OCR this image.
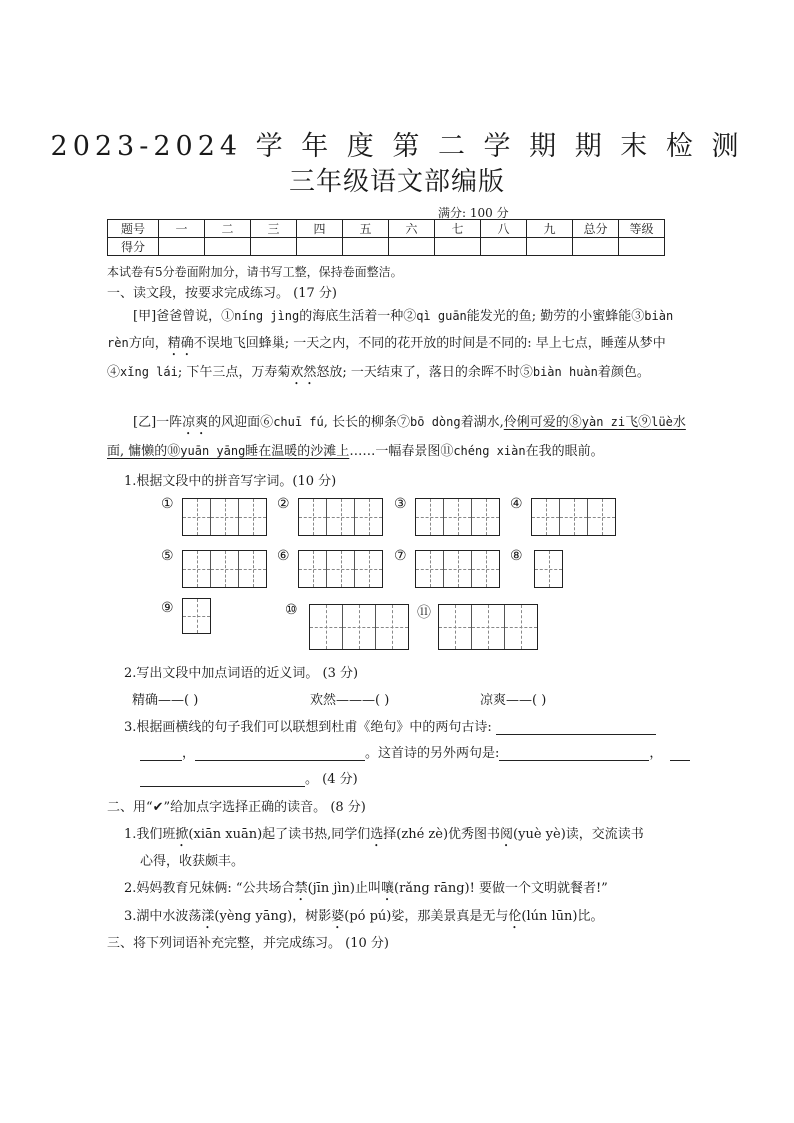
2023-2024 学 年 度 第 二 学 期 期 末 检 测
三年级语文部编版
满分: 100 分
题号	一	二	三	四	五	六	七	八	九	总分	等级
得分											
本试卷有5分卷面附加分，请书写工整，保持卷面整洁。
一、读文段，按要求完成练习。 (17 分)
[甲]爸爸曾说，①níng jìng的海底生活着一种②qì guān能发光的鱼; 勤劳的小蜜蜂能③biàn rèn方向，精确不误地飞回蜂巢; 一天之内，不同的花开放的时间是不同的: 早上七点，睡莲从梦中④xǐng lái; 下午三点，万寿菊欢然怒放; 一天结束了，落日的余晖不时⑤biàn huàn着颜色。
[乙]一阵凉爽的风迎面⑥chuī fú, 长长的柳条⑦bō dòng着湖水,伶俐可爱的⑧yàn zi飞⑨lüè水面, 慵懒的⑩yuān yāng睡在温暖的沙滩上……一幅春景图⑪chéng xiàn在我的眼前。
1.根据文段中的拼音写字词。(10 分)
①	②	③	④
⑤	⑥	⑦	⑧
⑨	⑩	⑪
2.写出文段中加点词语的近义词。 (3 分)
精确——( )	欢然———( )	凉爽——( )
3.根据画横线的句子我们可以联想到杜甫《绝句》中的两句古诗:
，	。这首诗的另外两句是:	，
。 (4 分)
二、用“✔”给加点字选择正确的读音。 (8 分)
1.我们班掀(xiān xuān)起了读书热,同学们选择(zhé zè)优秀图书阅(yuè yè)读，交流读书
心得，收获颇丰。
2.妈妈教育兄妹俩: “公共场合禁(jīn jìn)止叫嚷(rǎng rāng)! 要做一个文明就餐者!”
3.湖中水波荡漾(yèng yāng)，树影婆(pó pú)娑，那美景真是无与伦(lún lūn)比。
三、将下列词语补充完整，并完成练习。 (10 分)
